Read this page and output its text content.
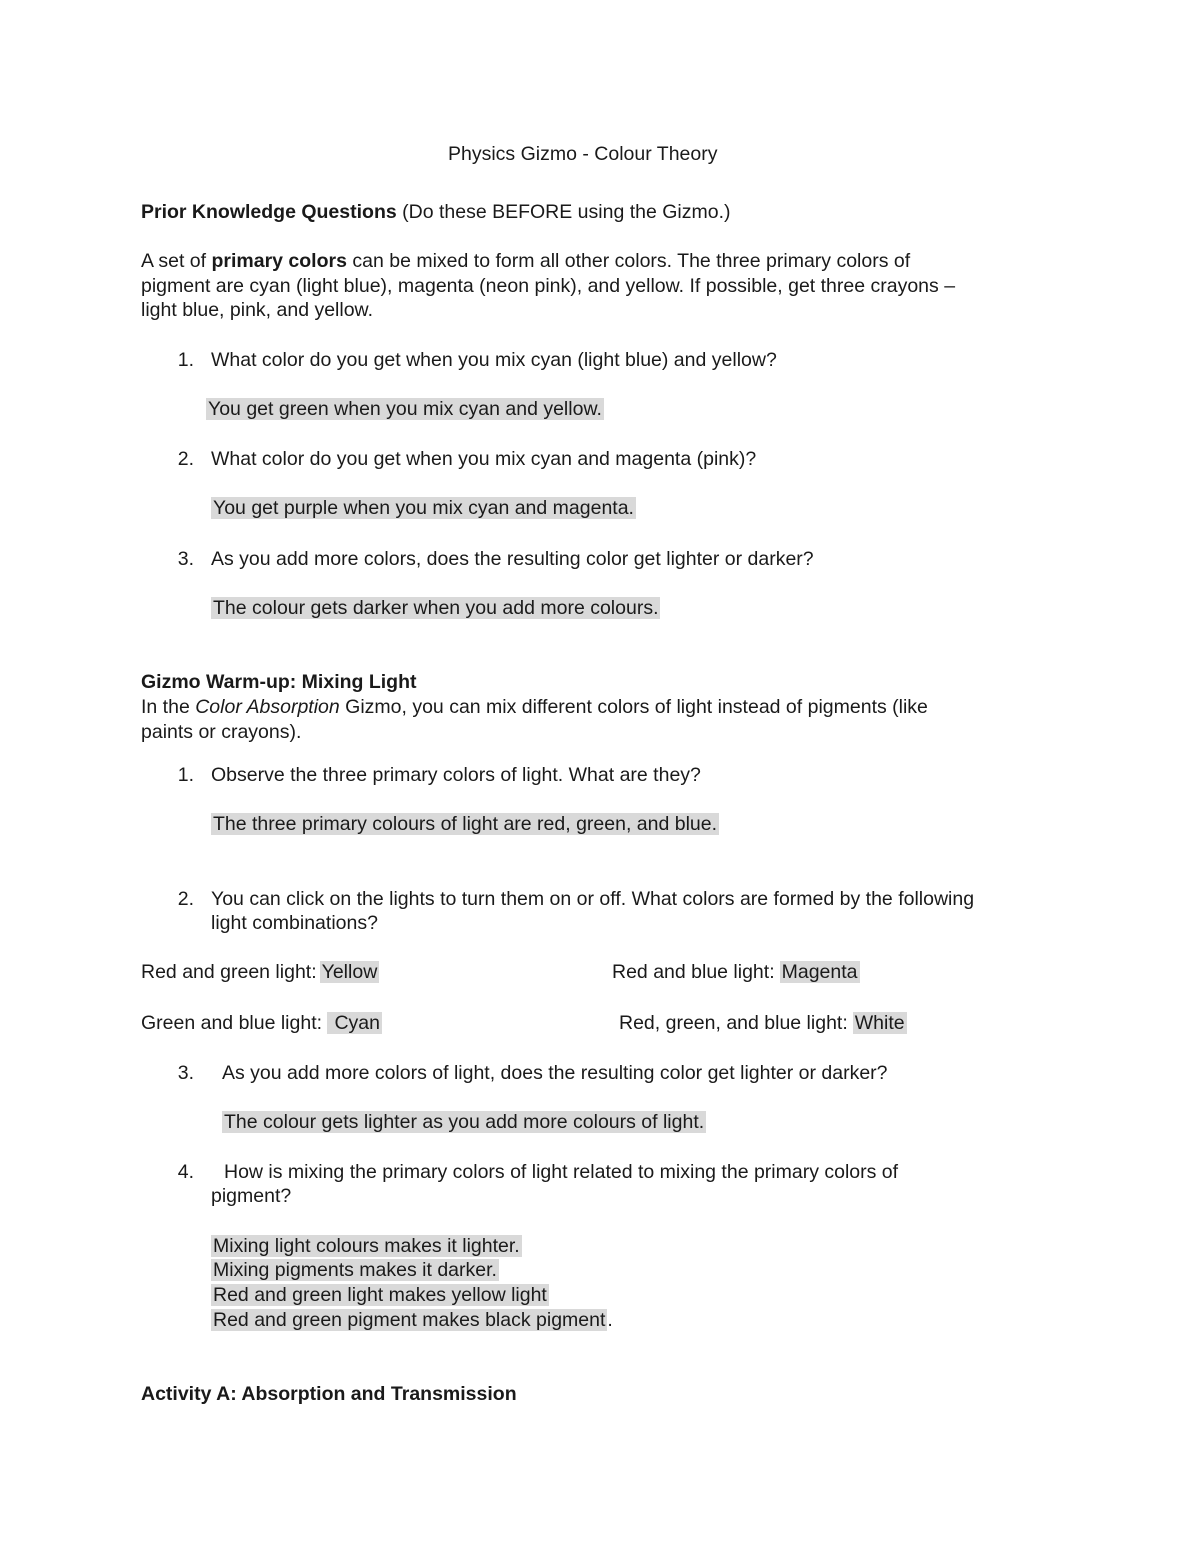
Physics Gizmo - Colour Theory
Prior Knowledge Questions (Do these BEFORE using the Gizmo.)
A set of primary colors can be mixed to form all other colors. The three primary colors of
pigment are cyan (light blue), magenta (neon pink), and yellow. If possible, get three crayons –
light blue, pink, and yellow.
1. What color do you get when you mix cyan (light blue) and yellow?
You get green when you mix cyan and yellow.
2. What color do you get when you mix cyan and magenta (pink)?
You get purple when you mix cyan and magenta.
3. As you add more colors, does the resulting color get lighter or darker?
The colour gets darker when you add more colours.
Gizmo Warm-up: Mixing Light
In the Color Absorption Gizmo, you can mix different colors of light instead of pigments (like
paints or crayons).
1. Observe the three primary colors of light. What are they?
The three primary colours of light are red, green, and blue.
2. You can click on the lights to turn them on or off. What colors are formed by the following
light combinations?
Red and green light: Yellow	Red and blue light: Magenta
Green and blue light: Cyan	Red, green, and blue light: White
3. As you add more colors of light, does the resulting color get lighter or darker?
The colour gets lighter as you add more colours of light.
4. How is mixing the primary colors of light related to mixing the primary colors of
pigment?
Mixing light colours makes it lighter.
Mixing pigments makes it darker.
Red and green light makes yellow light
Red and green pigment makes black pigment .
Activity A: Absorption and Transmission
